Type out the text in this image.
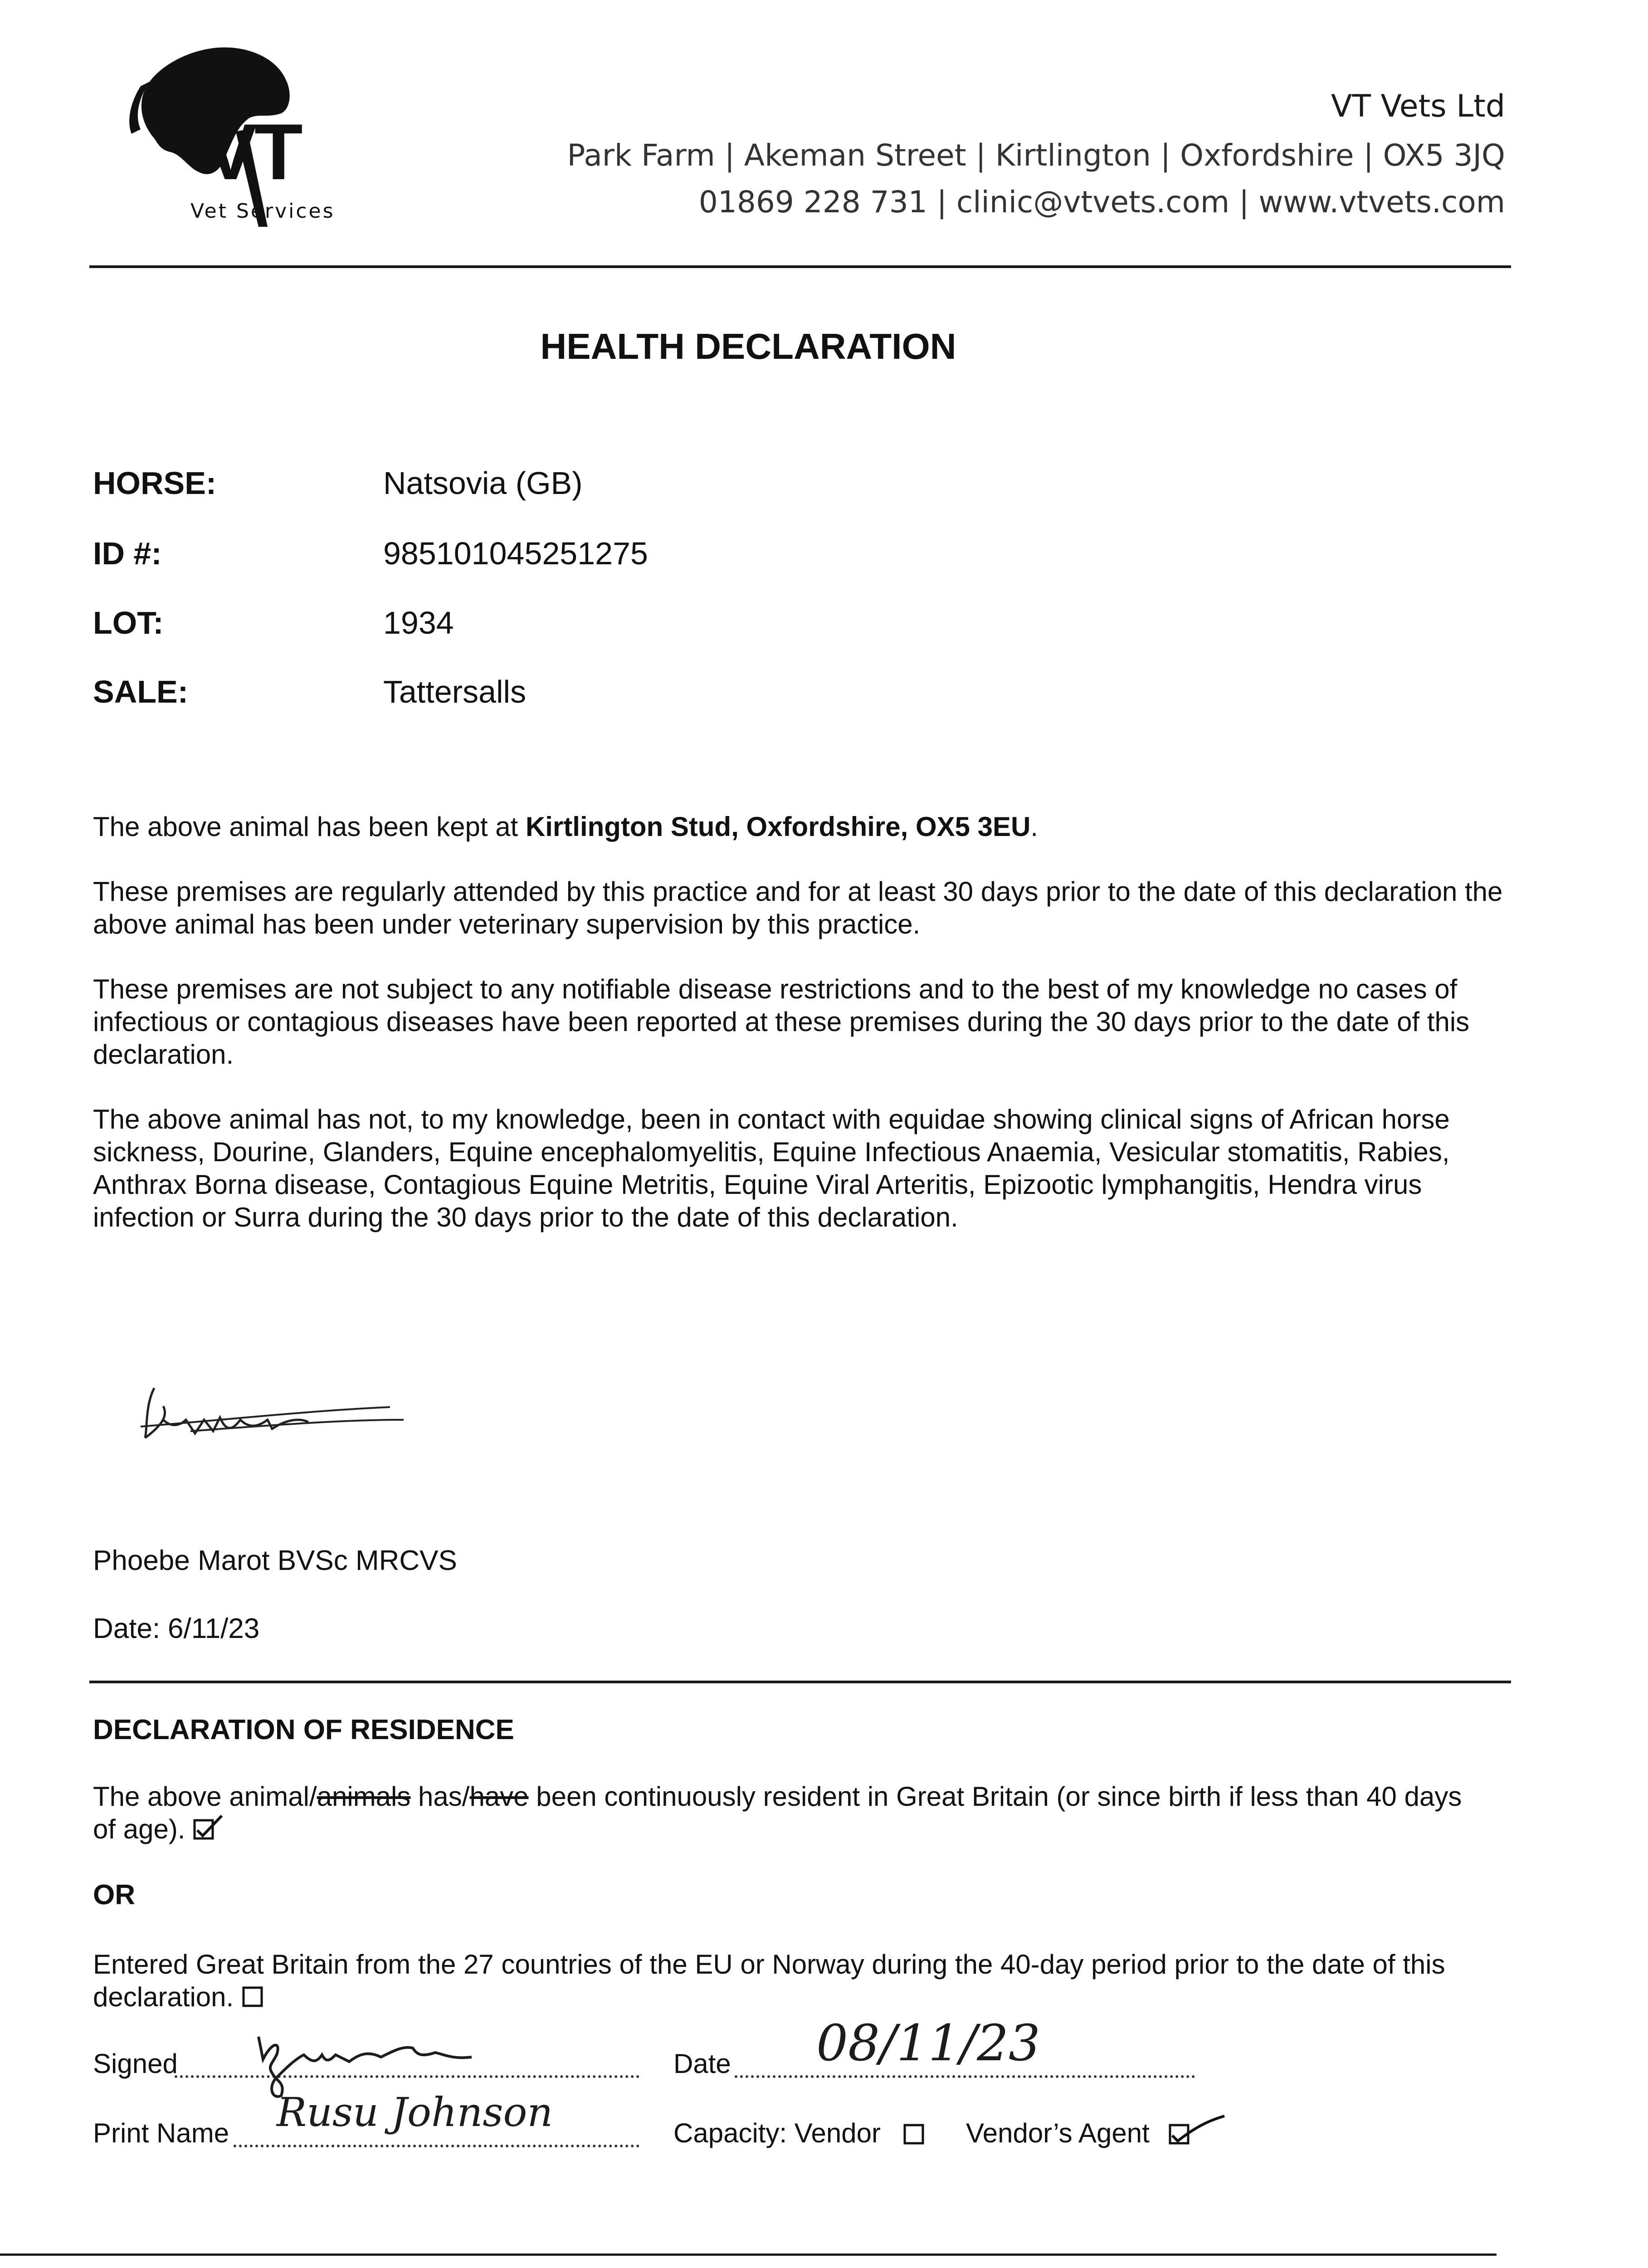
VT
Vet Services
VT Vets Ltd
Park Farm | Akeman Street | Kirtlington | Oxfordshire | OX5 3JQ
01869 228 731 | clinic@vtvets.com | www.vtvets.com
HEALTH DECLARATION
HORSE:	Natsovia (GB)
ID #:	985101045251275
LOT:	1934
SALE:	Tattersalls

The above animal has been kept at Kirtlington Stud, Oxfordshire, OX5 3EU.

These premises are regularly attended by this practice and for at least 30 days prior to the date of this declaration the above animal has been under veterinary supervision by this practice.

These premises are not subject to any notifiable disease restrictions and to the best of my knowledge no cases of infectious or contagious diseases have been reported at these premises during the 30 days prior to the date of this declaration.

The above animal has not, to my knowledge, been in contact with equidae showing clinical signs of African horse sickness, Dourine, Glanders, Equine encephalomyelitis, Equine Infectious Anaemia, Vesicular stomatitis, Rabies, Anthrax Borna disease, Contagious Equine Metritis, Equine Viral Arteritis, Epizootic lymphangitis, Hendra virus infection or Surra during the 30 days prior to the date of this declaration.

Phoebe Marot BVSc MRCVS
Date: 6/11/23
DECLARATION OF RESIDENCE

The above animal/animals has/have been continuously resident in Great Britain (or since birth if less than 40 days of age).

OR

Entered Great Britain from the 27 countries of the EU or Norway during the 40-day period prior to the date of this declaration.

Signed	Date 08/11/23
Print Name Rusu Johnson	Capacity: Vendor	Vendor’s Agent
